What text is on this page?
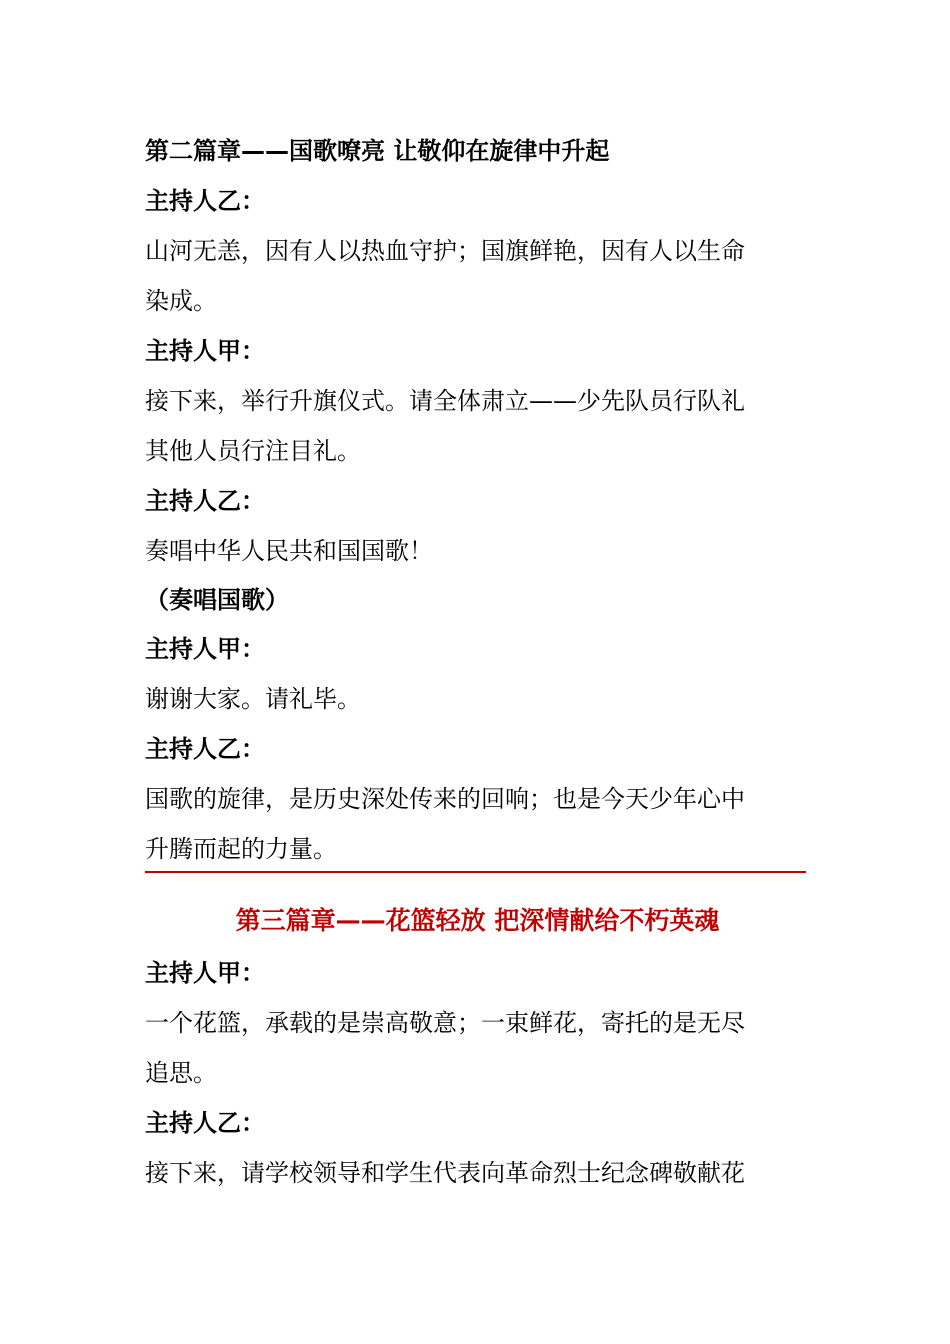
第二篇章——国歌嘹亮 让敬仰在旋律中升起
主持人乙：
山河无恙，因有人以热血守护；国旗鲜艳，因有人以生命
染成。
主持人甲：
接下来，举行升旗仪式。请全体肃立——少先队员行队礼
其他人员行注目礼。
主持人乙：
奏唱中华人民共和国国歌！
（奏唱国歌）
主持人甲：
谢谢大家。请礼毕。
主持人乙：
国歌的旋律，是历史深处传来的回响；也是今天少年心中
升腾而起的力量。
第三篇章——花篮轻放 把深情献给不朽英魂
主持人甲：
一个花篮，承载的是崇高敬意；一束鲜花，寄托的是无尽
追思。
主持人乙：
接下来，请学校领导和学生代表向革命烈士纪念碑敬献花
